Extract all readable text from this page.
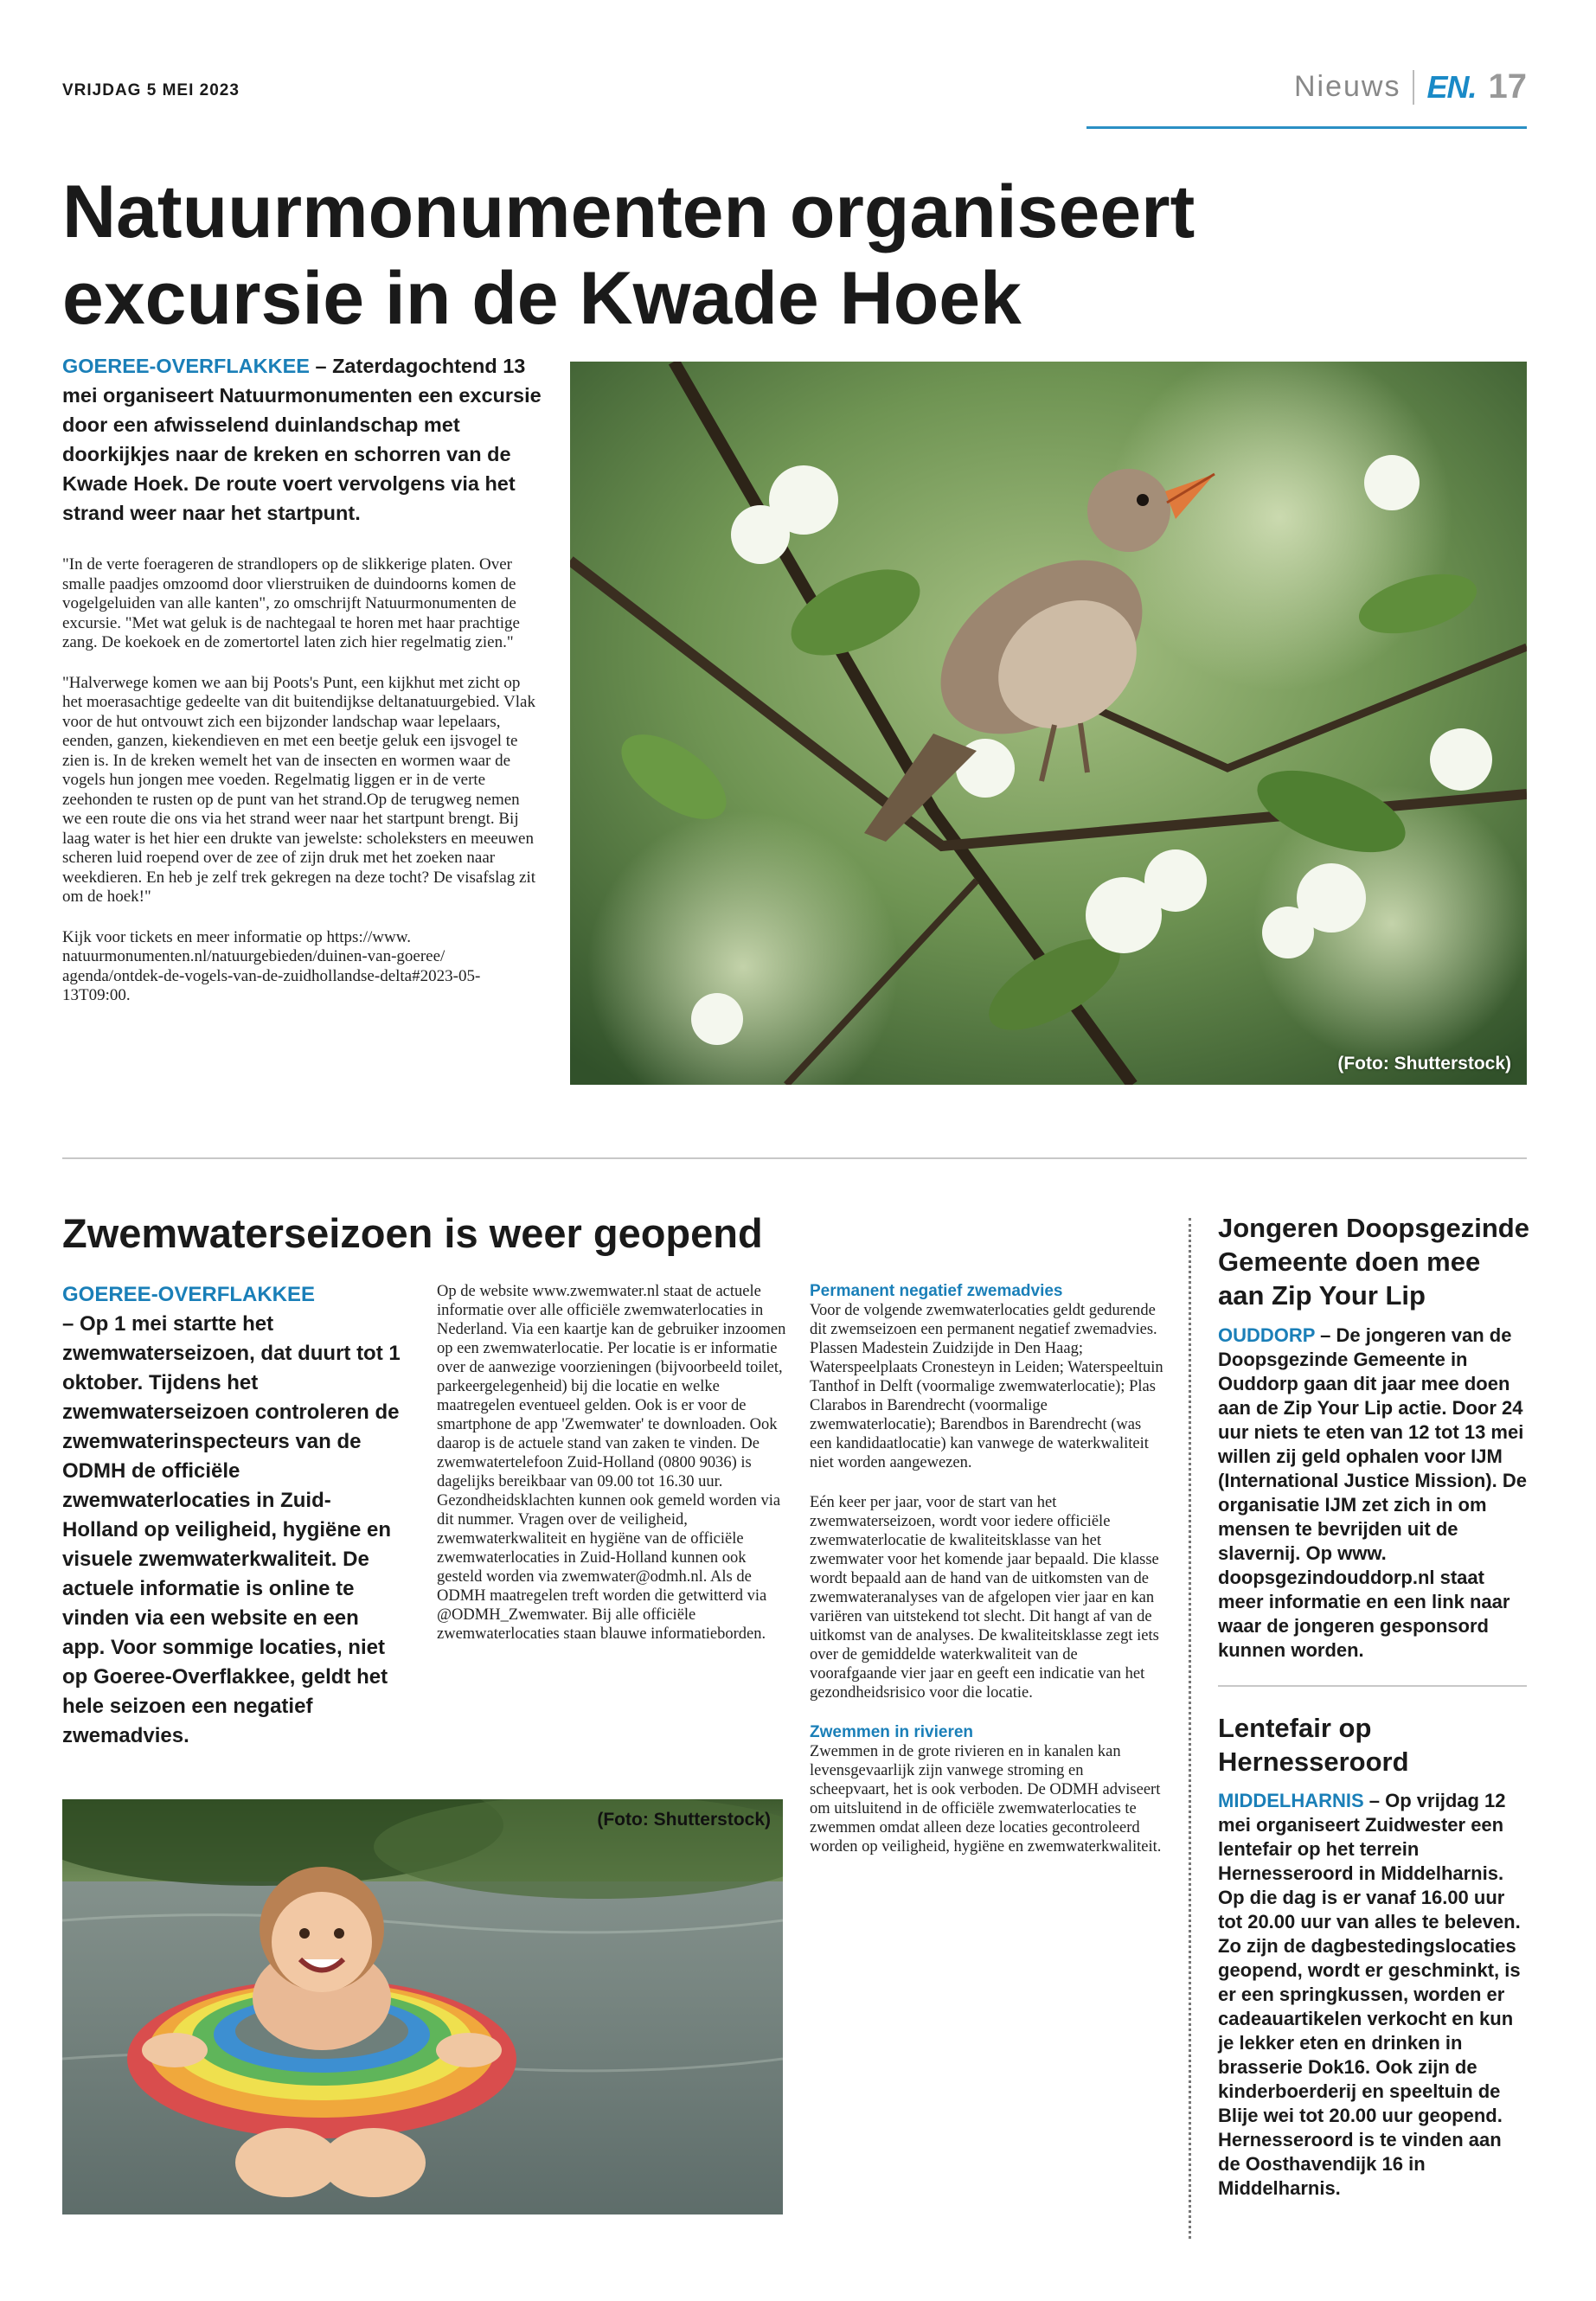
VRIJDAG 5 MEI 2023	Nieuws EN. 17
Natuurmonumenten organiseert
excursie in de Kwade Hoek
GOEREE-OVERFLAKKEE – Zaterdagochtend 13 mei organiseert Natuurmonumenten een excursie door een afwisselend duinlandschap met doorkijkjes naar de kreken en schorren van de Kwade Hoek. De route voert vervolgens via het strand weer naar het startpunt.

"In de verte foerageren de strandlopers op de slikkerige platen. Over smalle paadjes omzoomd door vlierstruiken de duindoorns komen de vogelgeluiden van alle kanten", zo omschrijft Natuurmonumenten de excursie. "Met wat geluk is de nachtegaal te horen met haar prachtige zang. De koekoek en de zomertortel laten zich hier regelmatig zien."

"Halverwege komen we aan bij Poots's Punt, een kijkhut met zicht op het moerasachtige gedeelte van dit buitendijkse deltanatuurgebied. Vlak voor de hut ontvouwt zich een bijzonder landschap waar lepelaars, eenden, ganzen, kiekendieven en met een beetje geluk een ijsvogel te zien is. In de kreken wemelt het van de insecten en wormen waar de vogels hun jongen mee voeden. Regelmatig liggen er in de verte zeehonden te rusten op de punt van het strand.Op de terugweg nemen we een route die ons via het strand weer naar het startpunt brengt. Bij laag water is het hier een drukte van jewelste: scholeksters en meeuwen scheren luid roepend over de zee of zijn druk met het zoeken naar weekdieren. En heb je zelf trek gekregen na deze tocht? De visafslag zit om de hoek!"

Kijk voor tickets en meer informatie op https://www. natuurmonumenten.nl/natuurgebieden/duinen-van-goeree/ agenda/ontdek-de-vogels-van-de-zuidhollandse-delta#2023-05-13T09:00.

(Foto: Shutterstock)
Zwemwaterseizoen is weer geopend
GOEREE-OVERFLAKKEE
– Op 1 mei startte het zwemwaterseizoen, dat duurt tot 1 oktober. Tijdens het zwemwaterseizoen controleren de zwemwaterinspecteurs van de ODMH de officiële zwemwaterlocaties in Zuid-Holland op veiligheid, hygiëne en visuele zwemwaterkwaliteit. De actuele informatie is online te vinden via een website en een app. Voor sommige locaties, niet op Goeree-Overflakkee, geldt het hele seizoen een negatief zwemadvies.

Op de website www.zwemwater.nl staat de actuele informatie over alle officiële zwemwaterlocaties in Nederland. Via een kaartje kan de gebruiker inzoomen op een zwemwaterlocatie. Per locatie is er informatie over de aanwezige voorzieningen (bijvoorbeeld toilet, parkeergelegenheid) bij die locatie en welke maatregelen eventueel gelden. Ook is er voor de smartphone de app 'Zwemwater' te downloaden. Ook daarop is de actuele stand van zaken te vinden. De zwemwatertelefoon Zuid-Holland (0800 9036) is dagelijks bereikbaar van 09.00 tot 16.30 uur. Gezondheidsklachten kunnen ook gemeld worden via dit nummer. Vragen over de veiligheid, zwemwaterkwaliteit en hygiëne van de officiële zwemwaterlocaties in Zuid-Holland kunnen ook gesteld worden via zwemwater@odmh.nl. Als de ODMH maatregelen treft worden die getwitterd via @ODMH_Zwemwater. Bij alle officiële zwemwaterlocaties staan blauwe informatieborden.

Permanent negatief zwemadvies

Voor de volgende zwemwaterlocaties geldt gedurende dit zwemseizoen een permanent negatief zwemadvies. Plassen Madestein Zuidzijde in Den Haag; Waterspeelplaats Cronesteyn in Leiden; Waterspeeltuin Tanthof in Delft (voormalige zwemwaterlocatie); Plas Clarabos in Barendrecht (voormalige zwemwaterlocatie); Barendbos in Barendrecht (was een kandidaatlocatie) kan vanwege de waterkwaliteit niet worden aangewezen.

Eén keer per jaar, voor de start van het zwemwaterseizoen, wordt voor iedere officiële zwemwaterlocatie de kwaliteitsklasse van het zwemwater voor het komende jaar bepaald. Die klasse wordt bepaald aan de hand van de uitkomsten van de zwemwateranalyses van de afgelopen vier jaar en kan variëren van uitstekend tot slecht. Dit hangt af van de uitkomst van de analyses. De kwaliteitsklasse zegt iets over de gemiddelde waterkwaliteit van de voorafgaande vier jaar en geeft een indicatie van het gezondheidsrisico voor die locatie.

Zwemmen in rivieren

Zwemmen in de grote rivieren en in kanalen kan levensgevaarlijk zijn vanwege stroming en scheepvaart, het is ook verboden. De ODMH adviseert om uitsluitend in de officiële zwemwaterlocaties te zwemmen omdat alleen deze locaties gecontroleerd worden op veiligheid, hygiëne en zwemwaterkwaliteit.

(Foto: Shutterstock)
Jongeren Doopsgezinde Gemeente doen mee aan Zip Your Lip
OUDDORP – De jongeren van de Doopsgezinde Gemeente in Ouddorp gaan dit jaar mee doen aan de Zip Your Lip actie. Door 24 uur niets te eten van 12 tot 13 mei willen zij geld ophalen voor IJM (International Justice Mission). De organisatie IJM zet zich in om mensen te bevrijden uit de slavernij. Op www. doopsgezindouddorp.nl staat meer informatie en een link naar waar de jongeren gesponsord kunnen worden.
Lentefair op Hernesseroord
MIDDELHARNIS – Op vrijdag 12 mei organiseert Zuidwester een lentefair op het terrein Hernesseroord in Middelharnis. Op die dag is er vanaf 16.00 uur tot 20.00 uur van alles te beleven. Zo zijn de dagbestedingslocaties geopend, wordt er geschminkt, is er een springkussen, worden er cadeauartikelen verkocht en kun je lekker eten en drinken in brasserie Dok16. Ook zijn de kinderboerderij en speeltuin de Blije wei tot 20.00 uur geopend. Hernesseroord is te vinden aan de Oosthavendijk 16 in Middelharnis.
